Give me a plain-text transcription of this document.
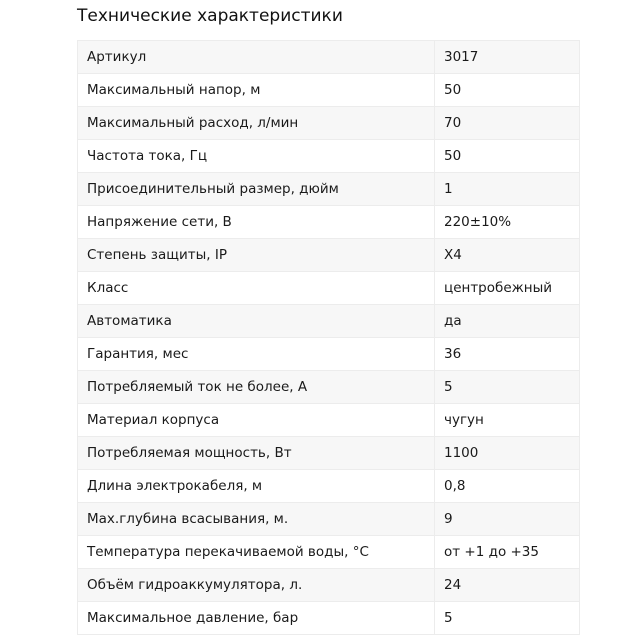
Технические характеристики
Артикул	3017
Максимальный напор, м	50
Максимальный расход, л/мин	70
Частота тока, Гц	50
Присоединительный размер, дюйм	1
Напряжение сети, В	220±10%
Степень защиты, IP	X4
Класс	центробежный
Автоматика	да
Гарантия, мес	36
Потребляемый ток не более, А	5
Материал корпуса	чугун
Потребляемая мощность, Вт	1100
Длина электрокабеля, м	0,8
Max.глубина всасывания, м.	9
Температура перекачиваемой воды, °С	от +1 до +35
Объём гидроаккумулятора, л.	24
Максимальное давление, бар	5
